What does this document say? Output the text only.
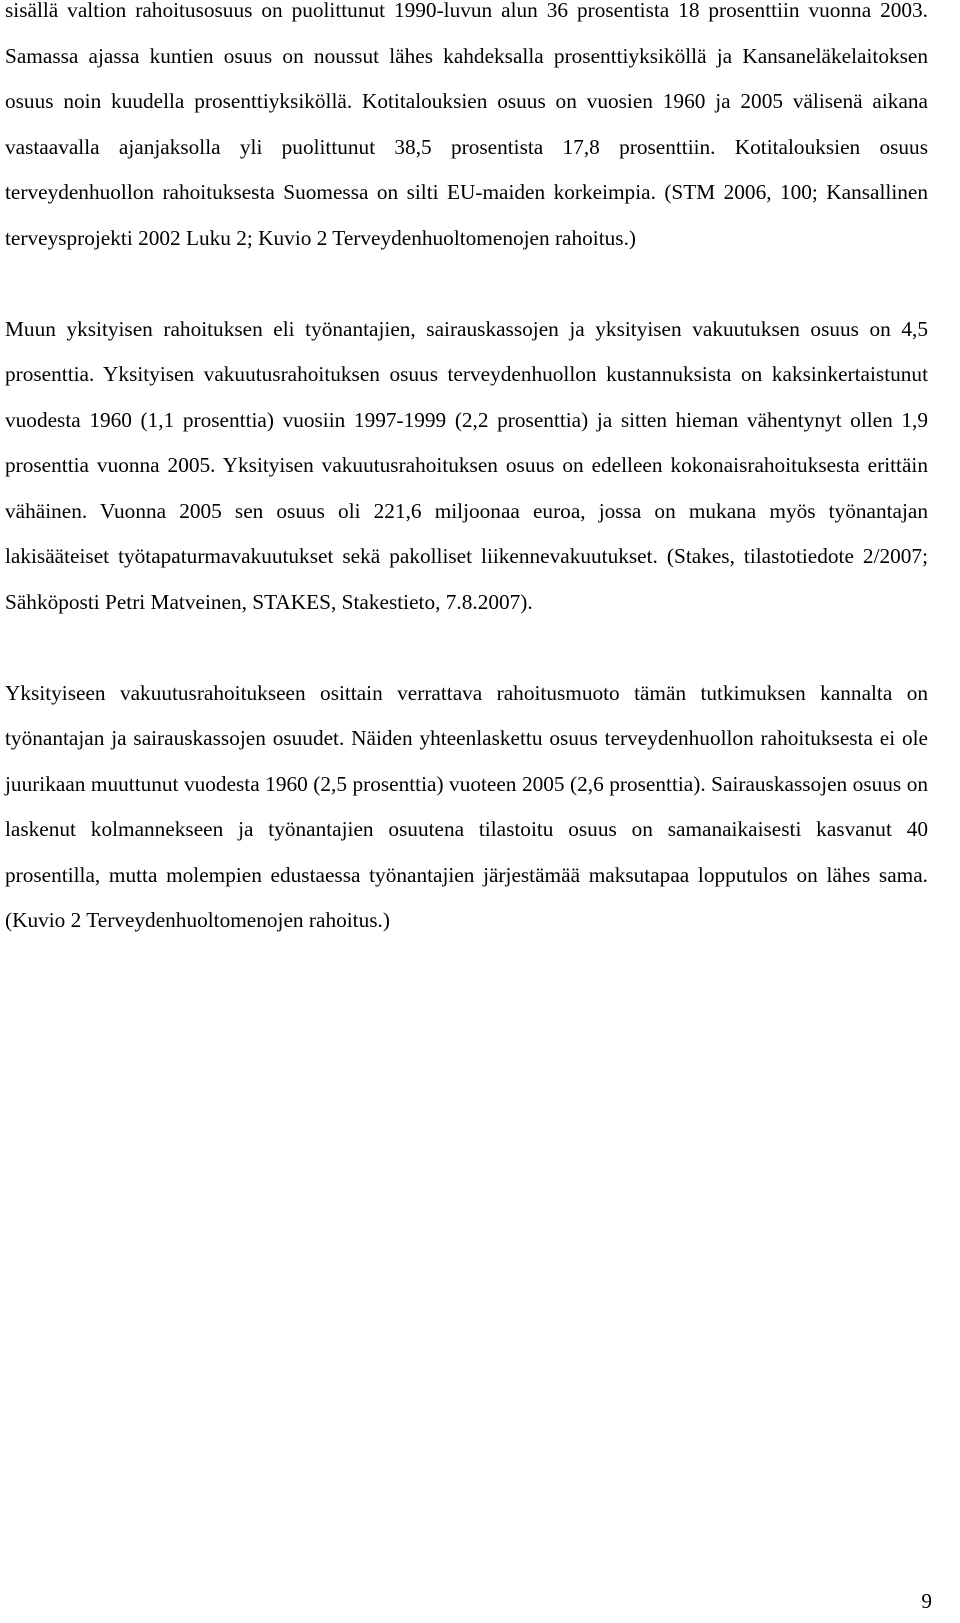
sisällä valtion rahoitusosuus on puolittunut 1990-luvun alun 36 prosentista 18 prosenttiin vuonna 2003. Samassa ajassa kuntien osuus on noussut lähes kahdeksalla prosenttiyksiköllä ja Kansaneläkelaitoksen osuus noin kuudella prosenttiyksiköllä. Kotitalouksien osuus on vuosien 1960 ja 2005 välisenä aikana vastaavalla ajanjaksolla yli puolittunut 38,5 prosentista 17,8 prosenttiin. Kotitalouksien osuus terveydenhuollon rahoituksesta Suomessa on silti EU-maiden korkeimpia. (STM 2006, 100; Kansallinen terveysprojekti 2002 Luku 2; Kuvio 2 Terveydenhuoltomenojen rahoitus.)

Muun yksityisen rahoituksen eli työnantajien, sairauskassojen ja yksityisen vakuutuksen osuus on 4,5 prosenttia. Yksityisen vakuutusrahoituksen osuus terveydenhuollon kustannuksista on kaksinkertaistunut vuodesta 1960 (1,1 prosenttia) vuosiin 1997-1999 (2,2 prosenttia) ja sitten hieman vähentynyt ollen 1,9 prosenttia vuonna 2005. Yksityisen vakuutusrahoituksen osuus on edelleen kokonaisrahoituksesta erittäin vähäinen. Vuonna 2005 sen osuus oli 221,6 miljoonaa euroa, jossa on mukana myös työnantajan lakisääteiset työtapaturmavakuutukset sekä pakolliset liikennevakuutukset. (Stakes, tilastotiedote 2/2007; Sähköposti Petri Matveinen, STAKES, Stakestieto, 7.8.2007).

Yksityiseen vakuutusrahoitukseen osittain verrattava rahoitusmuoto tämän tutkimuksen kannalta on työnantajan ja sairauskassojen osuudet. Näiden yhteenlaskettu osuus terveydenhuollon rahoituksesta ei ole juurikaan muuttunut vuodesta 1960 (2,5 prosenttia) vuoteen 2005 (2,6 prosenttia). Sairauskassojen osuus on laskenut kolmannekseen ja työnantajien osuutena tilastoitu osuus on samanaikaisesti kasvanut 40 prosentilla, mutta molempien edustaessa työnantajien järjestämää maksutapaa lopputulos on lähes sama. (Kuvio 2 Terveydenhuoltomenojen rahoitus.)

9
